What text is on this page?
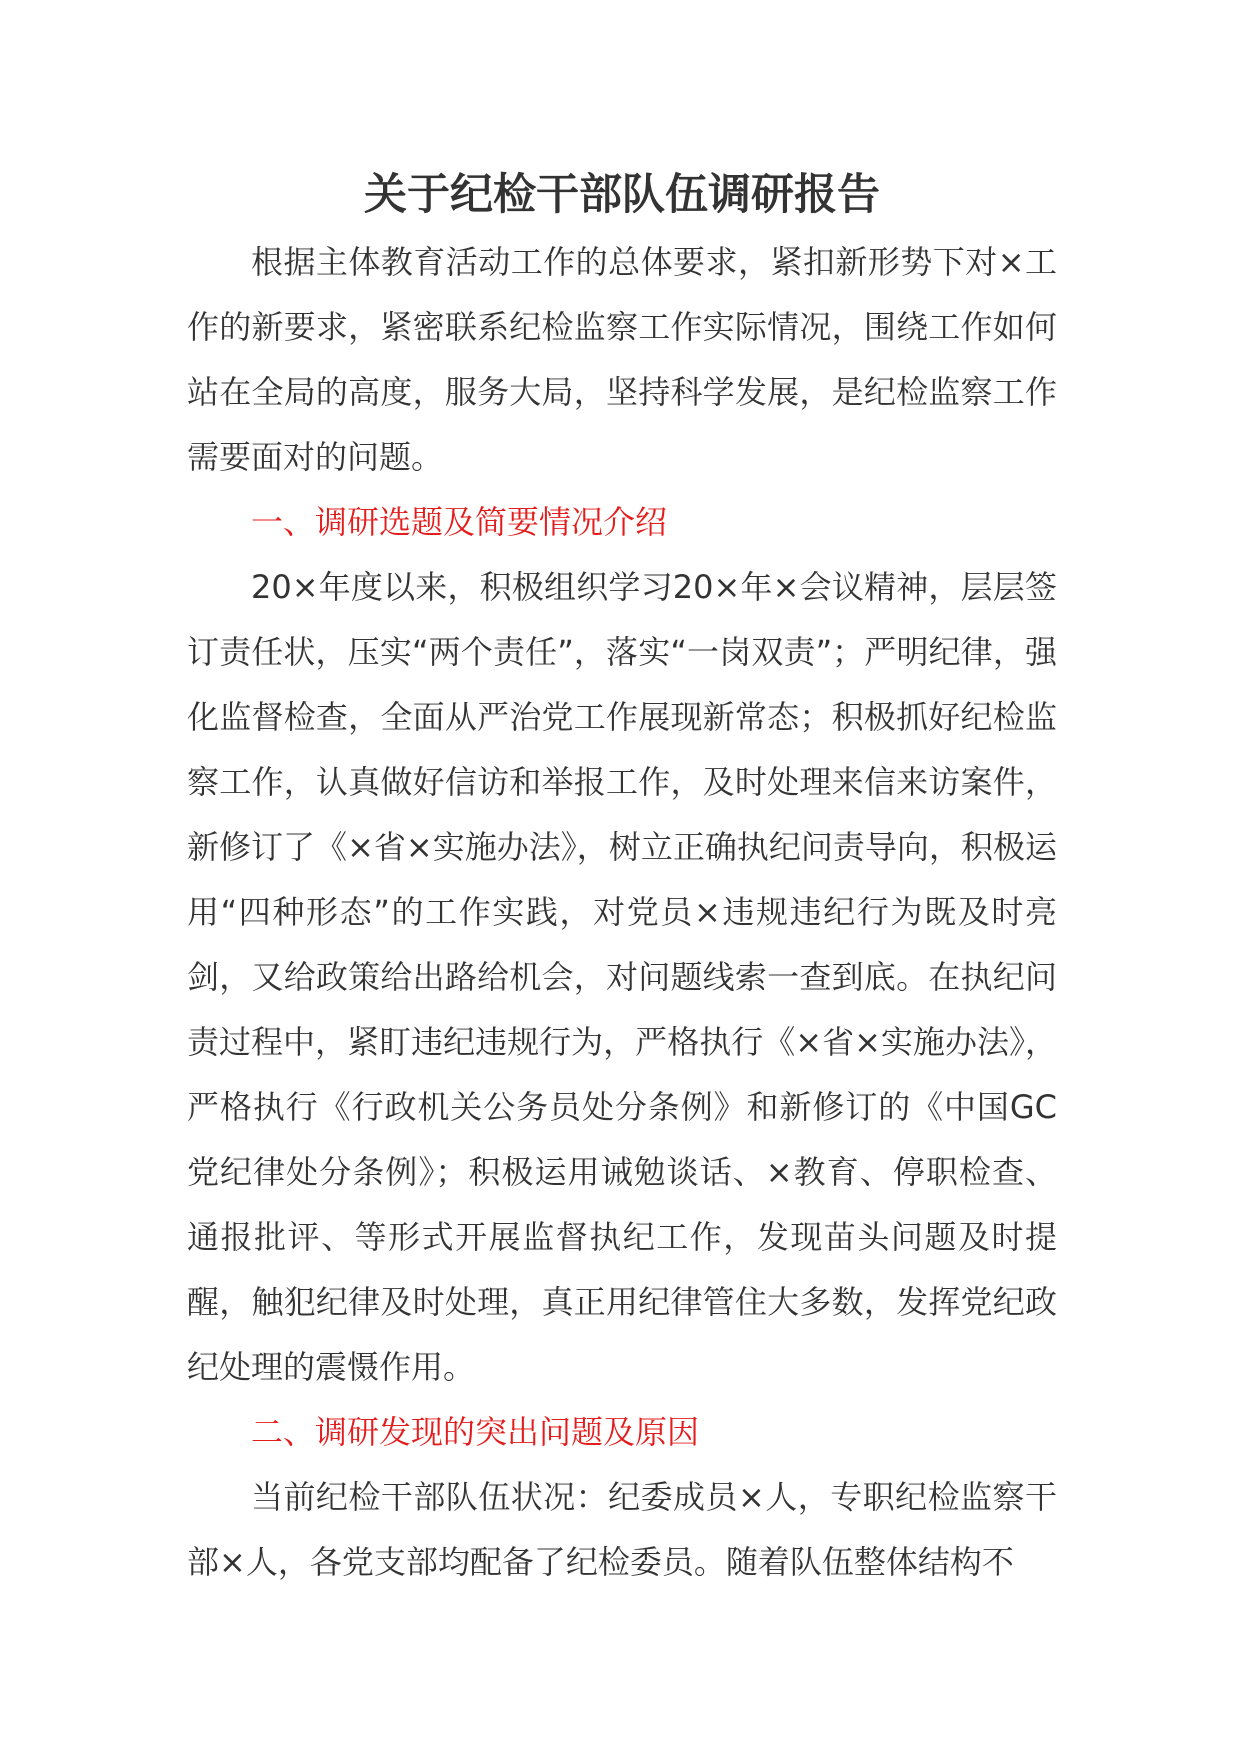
关于纪检干部队伍调研报告

根据主体教育活动工作的总体要求，紧扣新形势下对×工作的新要求，紧密联系纪检监察工作实际情况，围绕工作如何站在全局的高度，服务大局，坚持科学发展，是纪检监察工作需要面对的问题。

一、调研选题及简要情况介绍

20×年度以来，积极组织学习20×年×会议精神，层层签订责任状，压实“两个责任”，落实“一岗双责”；严明纪律，强化监督检查，全面从严治党工作展现新常态；积极抓好纪检监察工作，认真做好信访和举报工作，及时处理来信来访案件，新修订了《×省×实施办法》，树立正确执纪问责导向，积极运用“四种形态”的工作实践，对党员×违规违纪行为既及时亮剑，又给政策给出路给机会，对问题线索一查到底。在执纪问责过程中，紧盯违纪违规行为，严格执行《×省×实施办法》，严格执行《行政机关公务员处分条例》和新修订的《中国GC党纪律处分条例》；积极运用诫勉谈话、×教育、停职检查、通报批评、等形式开展监督执纪工作，发现苗头问题及时提醒，触犯纪律及时处理，真正用纪律管住大多数，发挥党纪政纪处理的震慑作用。

二、调研发现的突出问题及原因

当前纪检干部队伍状况：纪委成员×人，专职纪检监察干部×人，各党支部均配备了纪检委员。随着队伍整体结构不
